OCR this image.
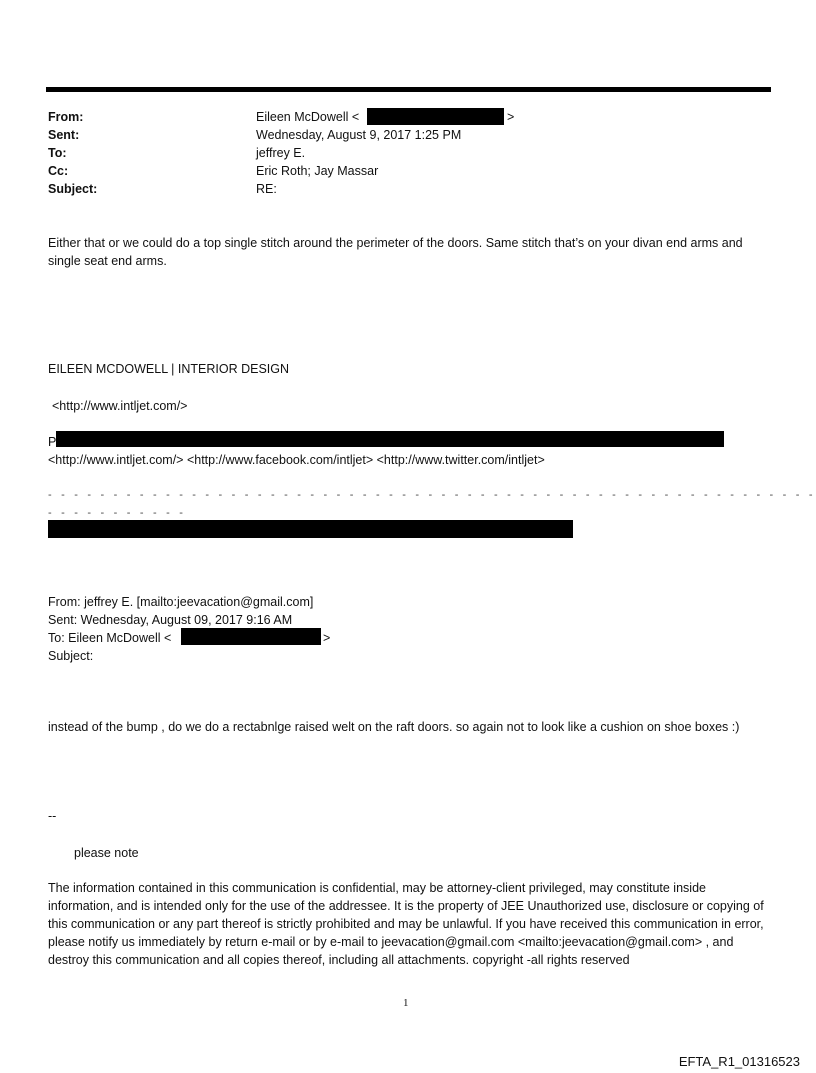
From:	Eileen McDowell <	>
Sent:	Wednesday, August 9, 2017 1:25 PM
To:	jeffrey E.
Cc:	Eric Roth; Jay Massar
Subject:	RE:
Either that or we could do a top single stitch around the perimeter of the doors. Same stitch that’s on your divan end arms and single seat end arms.
EILEEN MCDOWELL | INTERIOR DESIGN
<http://www.intljet.com/>
P
<http://www.intljet.com/> <http://www.facebook.com/intljet> <http://www.twitter.com/intljet>
- - - - - - - - - - - - - - - - - - - - - - - - - - - - - - - - - - - - - - - - - - - - - - - - - - - - - - - - - - - - - - - - - - - - - -
From: jeffrey E. [mailto:jeevacation@gmail.com]
Sent: Wednesday, August 09, 2017 9:16 AM
To: Eileen McDowell <	>
Subject:
instead of the bump , do we do a rectabnlge raised welt on the raft doors. so again not to look like a cushion on shoe boxes :)
--
please note
The information contained in this communication is confidential, may be attorney-client privileged, may constitute inside information, and is intended only for the use of the addressee. It is the property of JEE Unauthorized use, disclosure or copying of this communication or any part thereof is strictly prohibited and may be unlawful. If you have received this communication in error, please notify us immediately by return e-mail or by e-mail to jeevacation@gmail.com <mailto:jeevacation@gmail.com> , and destroy this communication and all copies thereof, including all attachments. copyright -all rights reserved
1
EFTA_R1_01316523
